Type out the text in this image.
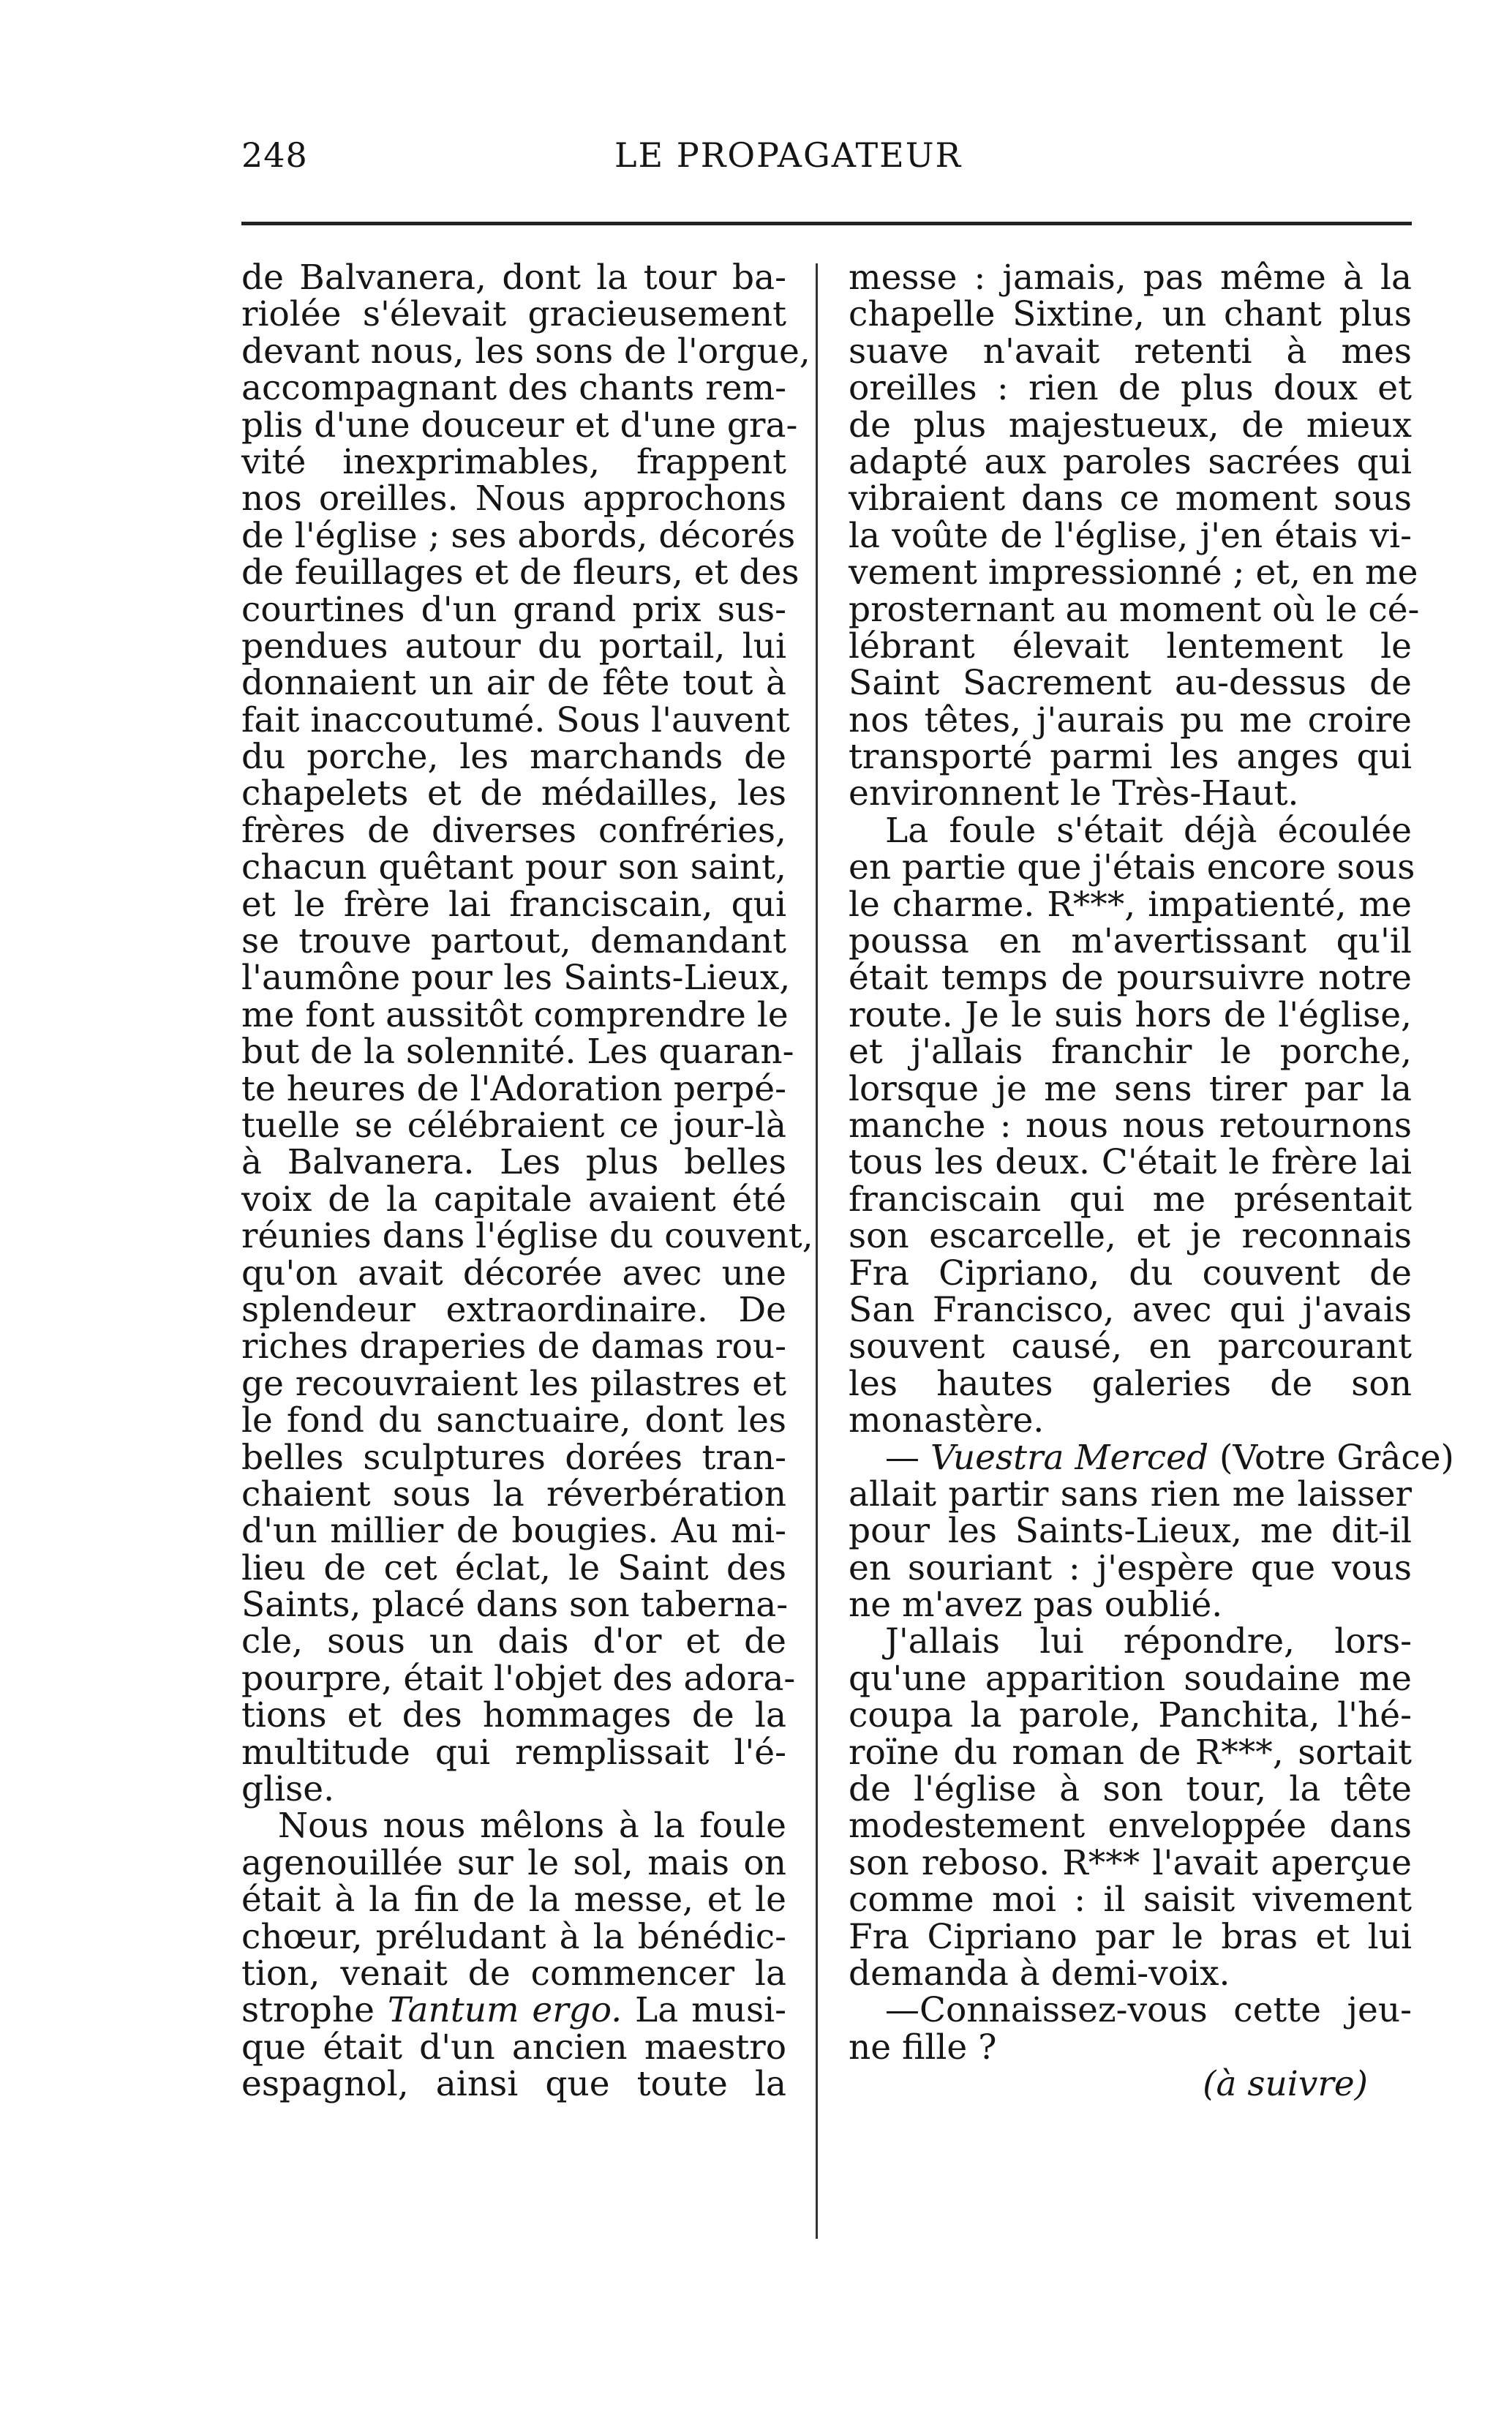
248	LE PROPAGATEUR
de Balvanera, dont la tour ba-
riolée s'élevait gracieusement
devant nous, les sons de l'orgue,
accompagnant des chants rem-
plis d'une douceur et d'une gra-
vité inexprimables, frappent
nos oreilles. Nous approchons
de l'église ; ses abords, décorés
de feuillages et de fleurs, et des
courtines d'un grand prix sus-
pendues autour du portail, lui
donnaient un air de fête tout à
fait inaccoutumé. Sous l'auvent
du porche, les marchands de
chapelets et de médailles, les
frères de diverses confréries,
chacun quêtant pour son saint,
et le frère lai franciscain, qui
se trouve partout, demandant
l'aumône pour les Saints-Lieux,
me font aussitôt comprendre le
but de la solennité. Les quaran-
te heures de l'Adoration perpé-
tuelle se célébraient ce jour-là
à Balvanera. Les plus belles
voix de la capitale avaient été
réunies dans l'église du couvent,
qu'on avait décorée avec une
splendeur extraordinaire. De
riches draperies de damas rou-
ge recouvraient les pilastres et
le fond du sanctuaire, dont les
belles sculptures dorées tran-
chaient sous la réverbération
d'un millier de bougies. Au mi-
lieu de cet éclat, le Saint des
Saints, placé dans son taberna-
cle, sous un dais d'or et de
pourpre, était l'objet des adora-
tions et des hommages de la
multitude qui remplissait l'é-
glise.
Nous nous mêlons à la foule
agenouillée sur le sol, mais on
était à la fin de la messe, et le
chœur, préludant à la bénédic-
tion, venait de commencer la
strophe Tantum ergo. La musi-
que était d'un ancien maestro
espagnol, ainsi que toute la
messe : jamais, pas même à la
chapelle Sixtine, un chant plus
suave n'avait retenti à mes
oreilles : rien de plus doux et
de plus majestueux, de mieux
adapté aux paroles sacrées qui
vibraient dans ce moment sous
la voûte de l'église, j'en étais vi-
vement impressionné ; et, en me
prosternant au moment où le cé-
lébrant élevait lentement le
Saint Sacrement au-dessus de
nos têtes, j'aurais pu me croire
transporté parmi les anges qui
environnent le Très-Haut.
La foule s'était déjà écoulée
en partie que j'étais encore sous
le charme. R***, impatienté, me
poussa en m'avertissant qu'il
était temps de poursuivre notre
route. Je le suis hors de l'église,
et j'allais franchir le porche,
lorsque je me sens tirer par la
manche : nous nous retournons
tous les deux. C'était le frère lai
franciscain qui me présentait
son escarcelle, et je reconnais
Fra Cipriano, du couvent de
San Francisco, avec qui j'avais
souvent causé, en parcourant
les hautes galeries de son
monastère.
— Vuestra Merced (Votre Grâce)
allait partir sans rien me laisser
pour les Saints-Lieux, me dit-il
en souriant : j'espère que vous
ne m'avez pas oublié.
J'allais lui répondre, lors-
qu'une apparition soudaine me
coupa la parole, Panchita, l'hé-
roïne du roman de R***, sortait
de l'église à son tour, la tête
modestement enveloppée dans
son reboso. R*** l'avait aperçue
comme moi : il saisit vivement
Fra Cipriano par le bras et lui
demanda à demi-voix.
—Connaissez-vous cette jeu-
ne fille ?
(à suivre)
